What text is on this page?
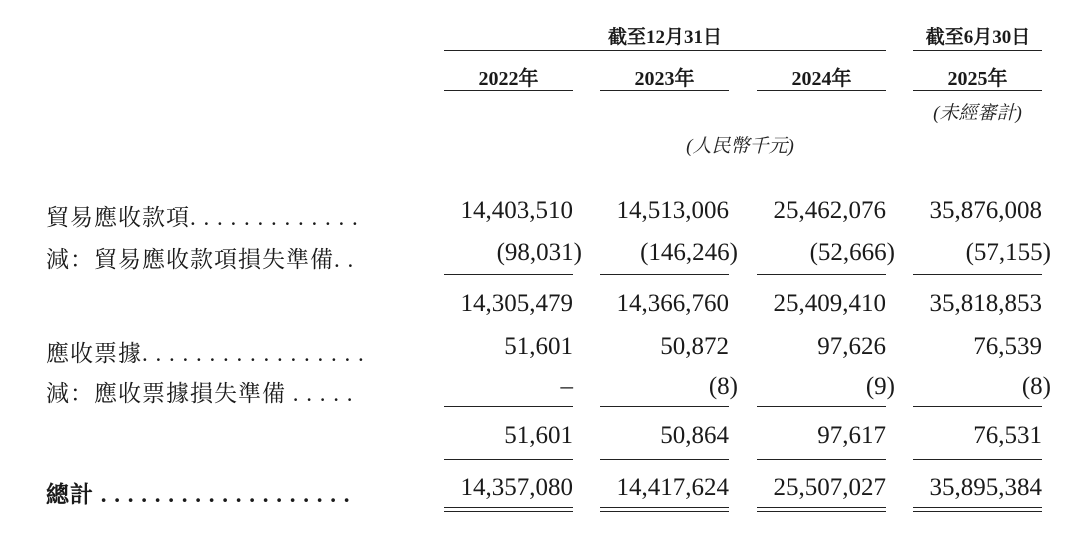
截至12月31日	截至6月30日
2022年	2023年	2024年	2025年
(未經審計)
(人民幣千元)
貿易應收款項. . . . . . . . . . . . .	14,403,510	14,513,006	25,462,076	35,876,008
減：貿易應收款項損失準備. .	(98,031)	(146,246)	(52,666)	(57,155)
14,305,479	14,366,760	25,409,410	35,818,853
應收票據. . . . . . . . . . . . . . . . .	51,601	50,872	97,626	76,539
減：應收票據損失準備 . . . . .	–	(8)	(9)	(8)
51,601	50,864	97,617	76,531
總計 . . . . . . . . . . . . . . . . . . .	14,357,080	14,417,624	25,507,027	35,895,384
